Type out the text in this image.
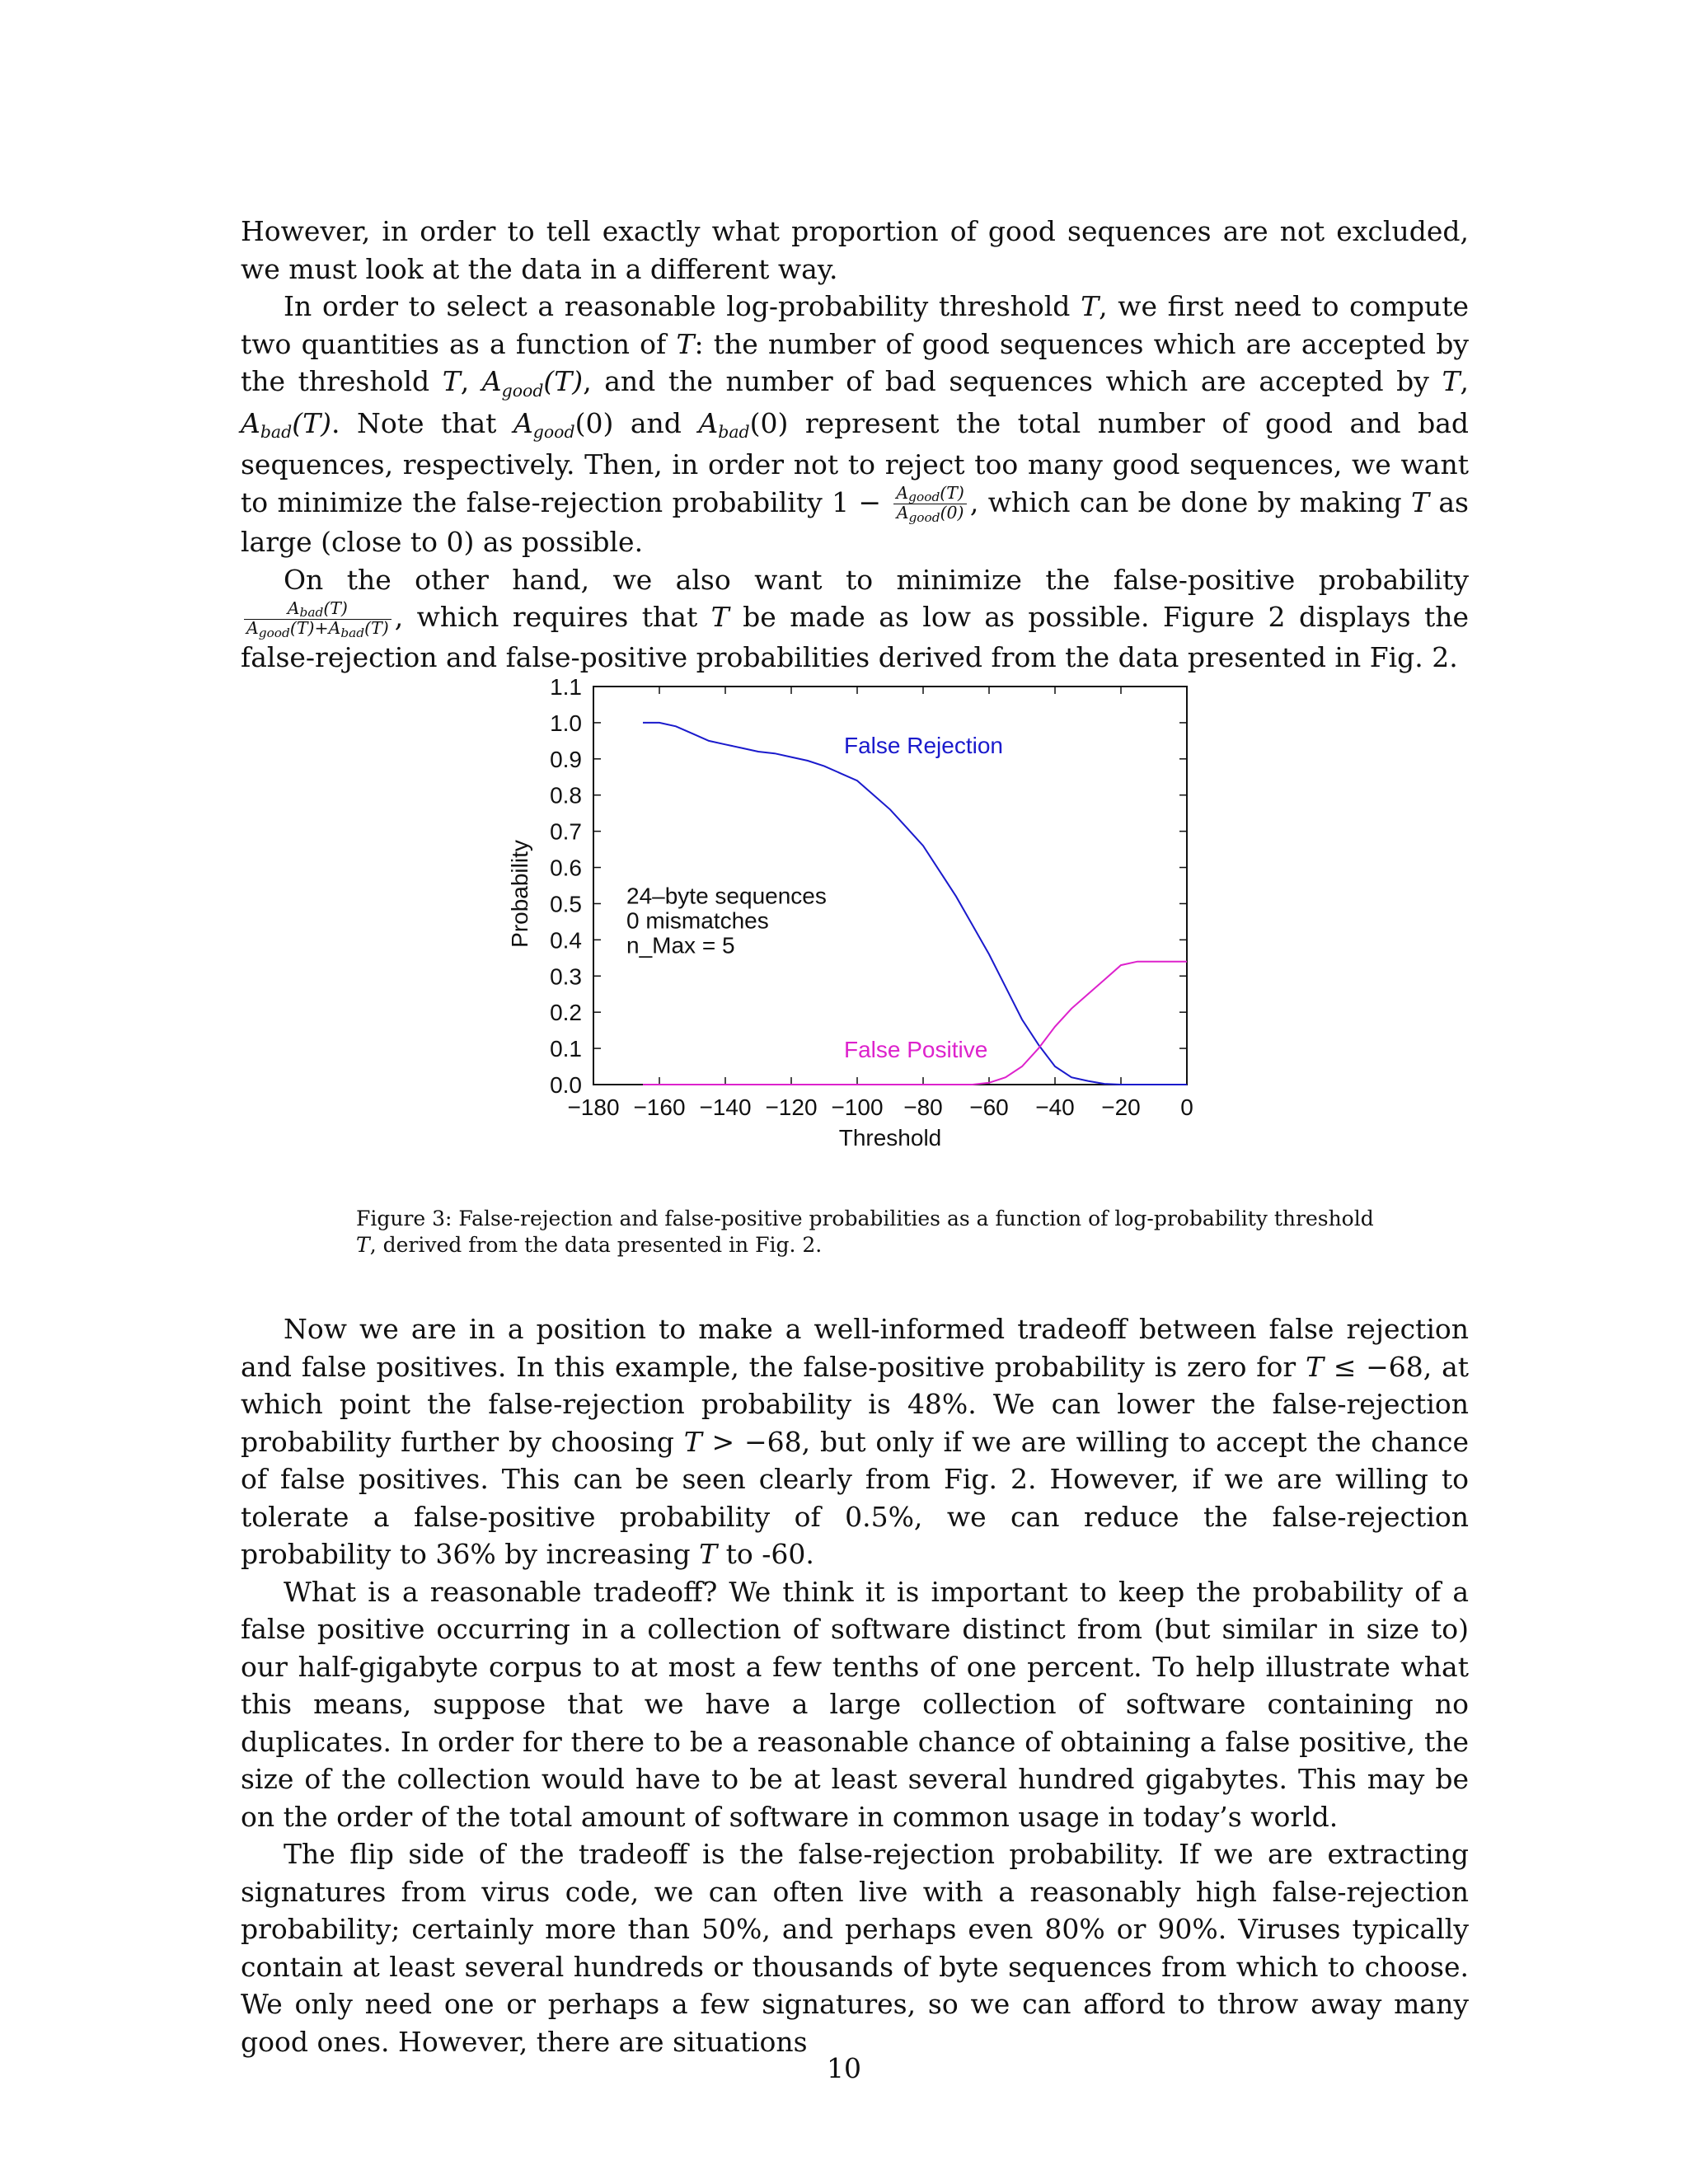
However, in order to tell exactly what proportion of good sequences are not excluded, we must look at the data in a different way.

In order to select a reasonable log-probability threshold T, we first need to compute two quantities as a function of T: the number of good sequences which are accepted by the threshold T, Agood(T), and the number of bad sequences which are accepted by T, Abad(T). Note that Agood(0) and Abad(0) represent the total number of good and bad sequences, respectively. Then, in order not to reject too many good sequences, we want to minimize the false-rejection probability $1 - \frac{\text{Agood(T)}}{\text{Agood(0)}}$ , which can be done by making T as large (close to 0) as possible.

On the other hand, we also want to minimize the false-positive probability
$\frac{\text{Abad(T)}}{\text{Agood(T)+Abad(T)}}$ , which requires that T be made as low as possible. Figure 2 displays the false-rejection and false-positive probabilities derived from the data presented in Fig. 2.

−180 −160 −140 −120 −100 −80 −60 −40 −20 0
0.0
0.1
0.2
0.3
0.4
0.5
0.6
0.7
0.8
0.9
1.0
1.1
Threshold
Probability
False Rejection
False Positive
24–byte sequences
0 mismatches
n_Max = 5
Figure 3: False-rejection and false-positive probabilities as a function of log-probability threshold T, derived from the data presented in Fig. 2.

Now we are in a position to make a well-informed tradeoff between false rejection and false positives. In this example, the false-positive probability is zero for T ≤ −68, at which point the false-rejection probability is 48%. We can lower the false-rejection probability further by choosing T > −68, but only if we are willing to accept the chance of false positives. This can be seen clearly from Fig. 2. However, if we are willing to tolerate a false-positive probability of 0.5%, we can reduce the false-rejection probability to 36% by increasing T to -60.

What is a reasonable tradeoff? We think it is important to keep the probability of a false positive occurring in a collection of software distinct from (but similar in size to) our half-gigabyte corpus to at most a few tenths of one percent. To help illustrate what this means, suppose that we have a large collection of software containing no duplicates. In order for there to be a reasonable chance of obtaining a false positive, the size of the collection would have to be at least several hundred gigabytes. This may be on the order of the total amount of software in common usage in today’s world.

The flip side of the tradeoff is the false-rejection probability. If we are extracting signatures from virus code, we can often live with a reasonably high false-rejection probability; certainly more than 50%, and perhaps even 80% or 90%. Viruses typically contain at least several hundreds or thousands of byte sequences from which to choose. We only need one or perhaps a few signatures, so we can afford to throw away many good ones. However, there are situations

10
